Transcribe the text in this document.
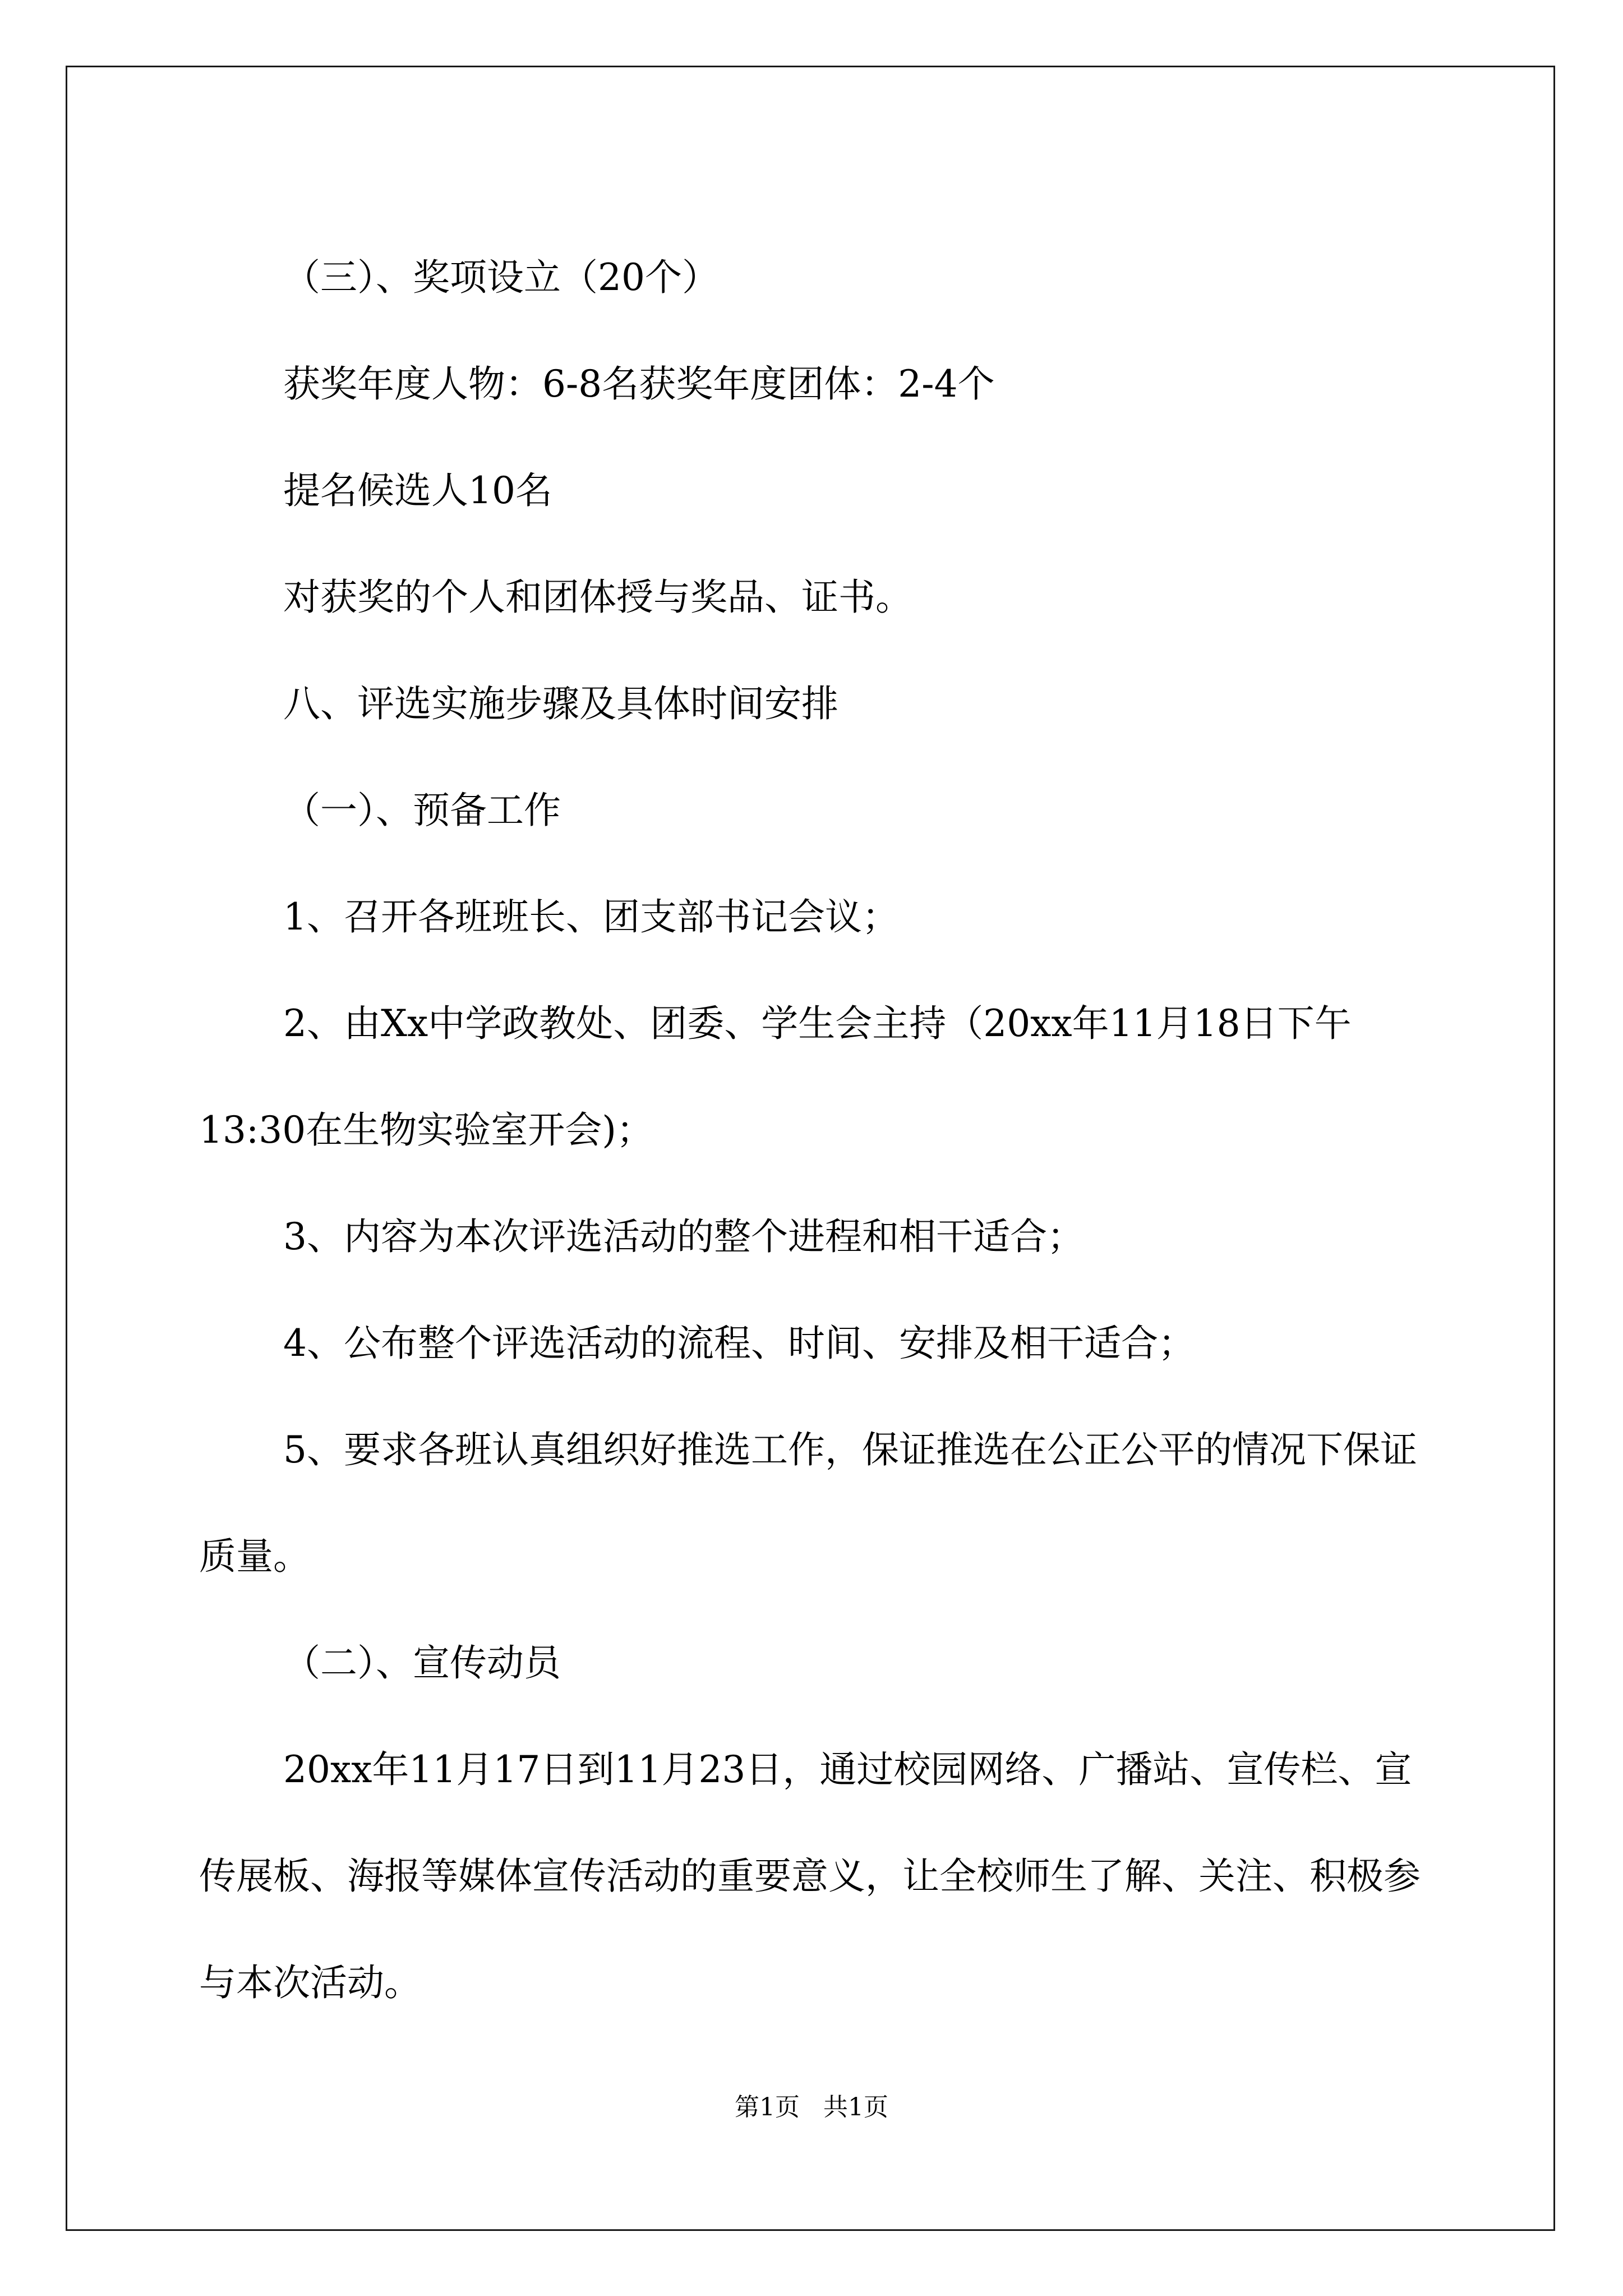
（三）、奖项设立（20个）

获奖年度人物：6-8名获奖年度团体：2-4个

提名候选人10名

对获奖的个人和团体授与奖品、证书。

八、评选实施步骤及具体时间安排

（一）、预备工作

1、召开各班班长、团支部书记会议；

2、由Xx中学政教处、团委、学生会主持（20xx年11月18日下午13:30在生物实验室开会)；

3、内容为本次评选活动的整个进程和相干适合；

4、公布整个评选活动的流程、时间、安排及相干适合；

5、要求各班认真组织好推选工作，保证推选在公正公平的情况下保证质量。

（二）、宣传动员

20xx年11月17日到11月23日，通过校园网络、广播站、宣传栏、宣传展板、海报等媒体宣传活动的重要意义，让全校师生了解、关注、积极参与本次活动。

第1页   共1页
